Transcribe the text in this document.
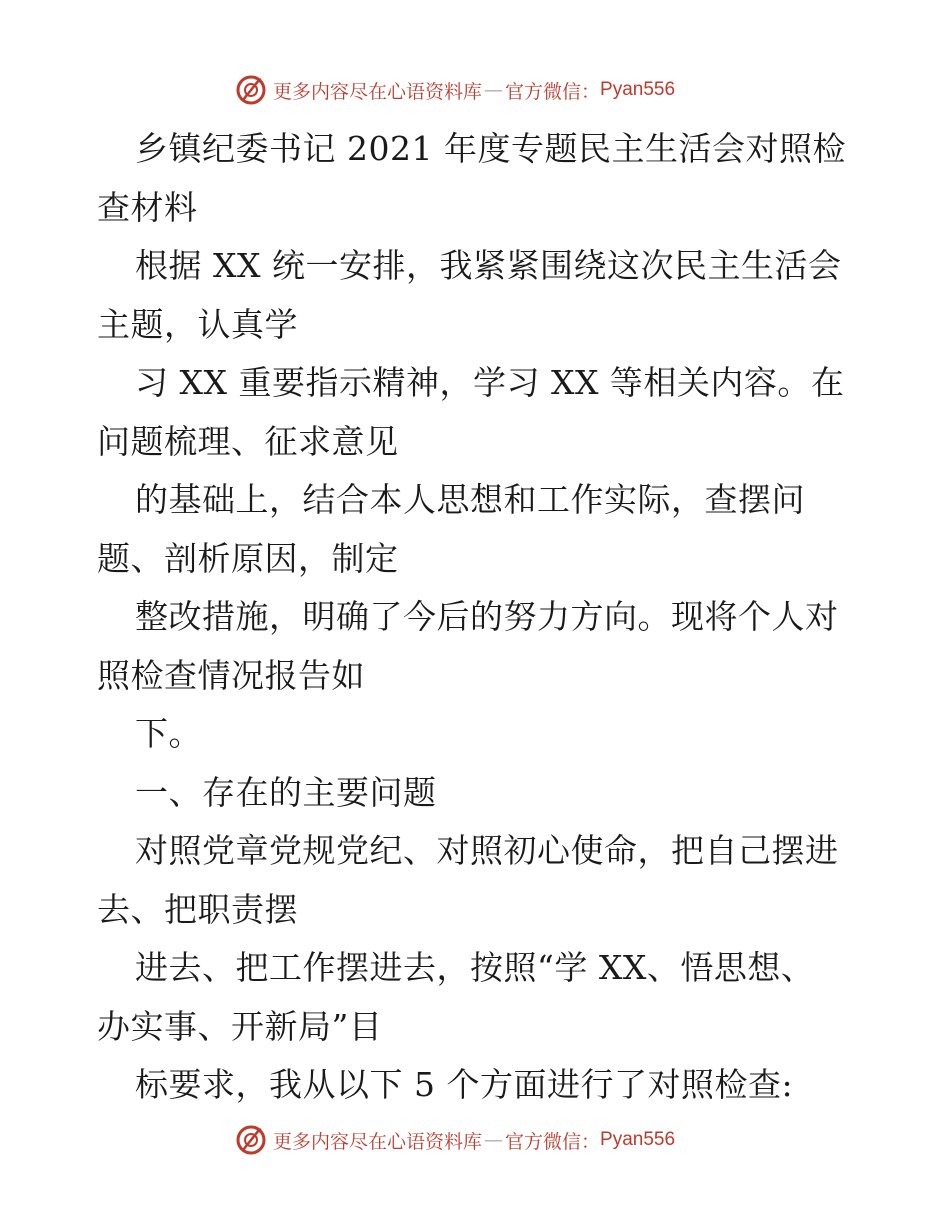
更多内容尽在心语资料库 — 官方微信： Pyan556
乡镇纪委书记 2021 年度专题民主生活会对照检
查材料
根据 XX 统一安排，我紧紧围绕这次民主生活会
主题，认真学
习 XX 重要指示精神，学习 XX 等相关内容。在
问题梳理、征求意见
的基础上，结合本人思想和工作实际，查摆问
题、剖析原因，制定
整改措施，明确了今后的努力方向。现将个人对
照检查情况报告如
下。
一、存在的主要问题
对照党章党规党纪、对照初心使命，把自己摆进
去、把职责摆
进去、把工作摆进去，按照“学 XX、悟思想、
办实事、开新局”目
标要求，我从以下 5 个方面进行了对照检查:
更多内容尽在心语资料库 — 官方微信： Pyan556
